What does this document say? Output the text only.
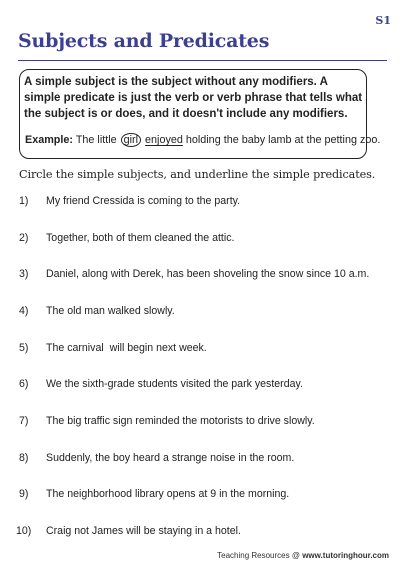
S1
Subjects and Predicates
A simple subject is the subject without any modifiers. A simple predicate is just the verb or verb phrase that tells what the subject is or does, and it doesn't include any modifiers.
Example: The little girl enjoyed holding the baby lamb at the petting zoo.
Circle the simple subjects, and underline the simple predicates.
1)	My friend Cressida is coming to the party.
2)	Together, both of them cleaned the attic.
3)	Daniel, along with Derek, has been shoveling the snow since 10 a.m.
4)	The old man walked slowly.
5)	The carnival  will begin next week.
6)	We the sixth-grade students visited the park yesterday.
7)	The big traffic sign reminded the motorists to drive slowly.
8)	Suddenly, the boy heard a strange noise in the room.
9)	The neighborhood library opens at 9 in the morning.
10)	Craig not James will be staying in a hotel.
Teaching Resources @ www.tutoringhour.com
